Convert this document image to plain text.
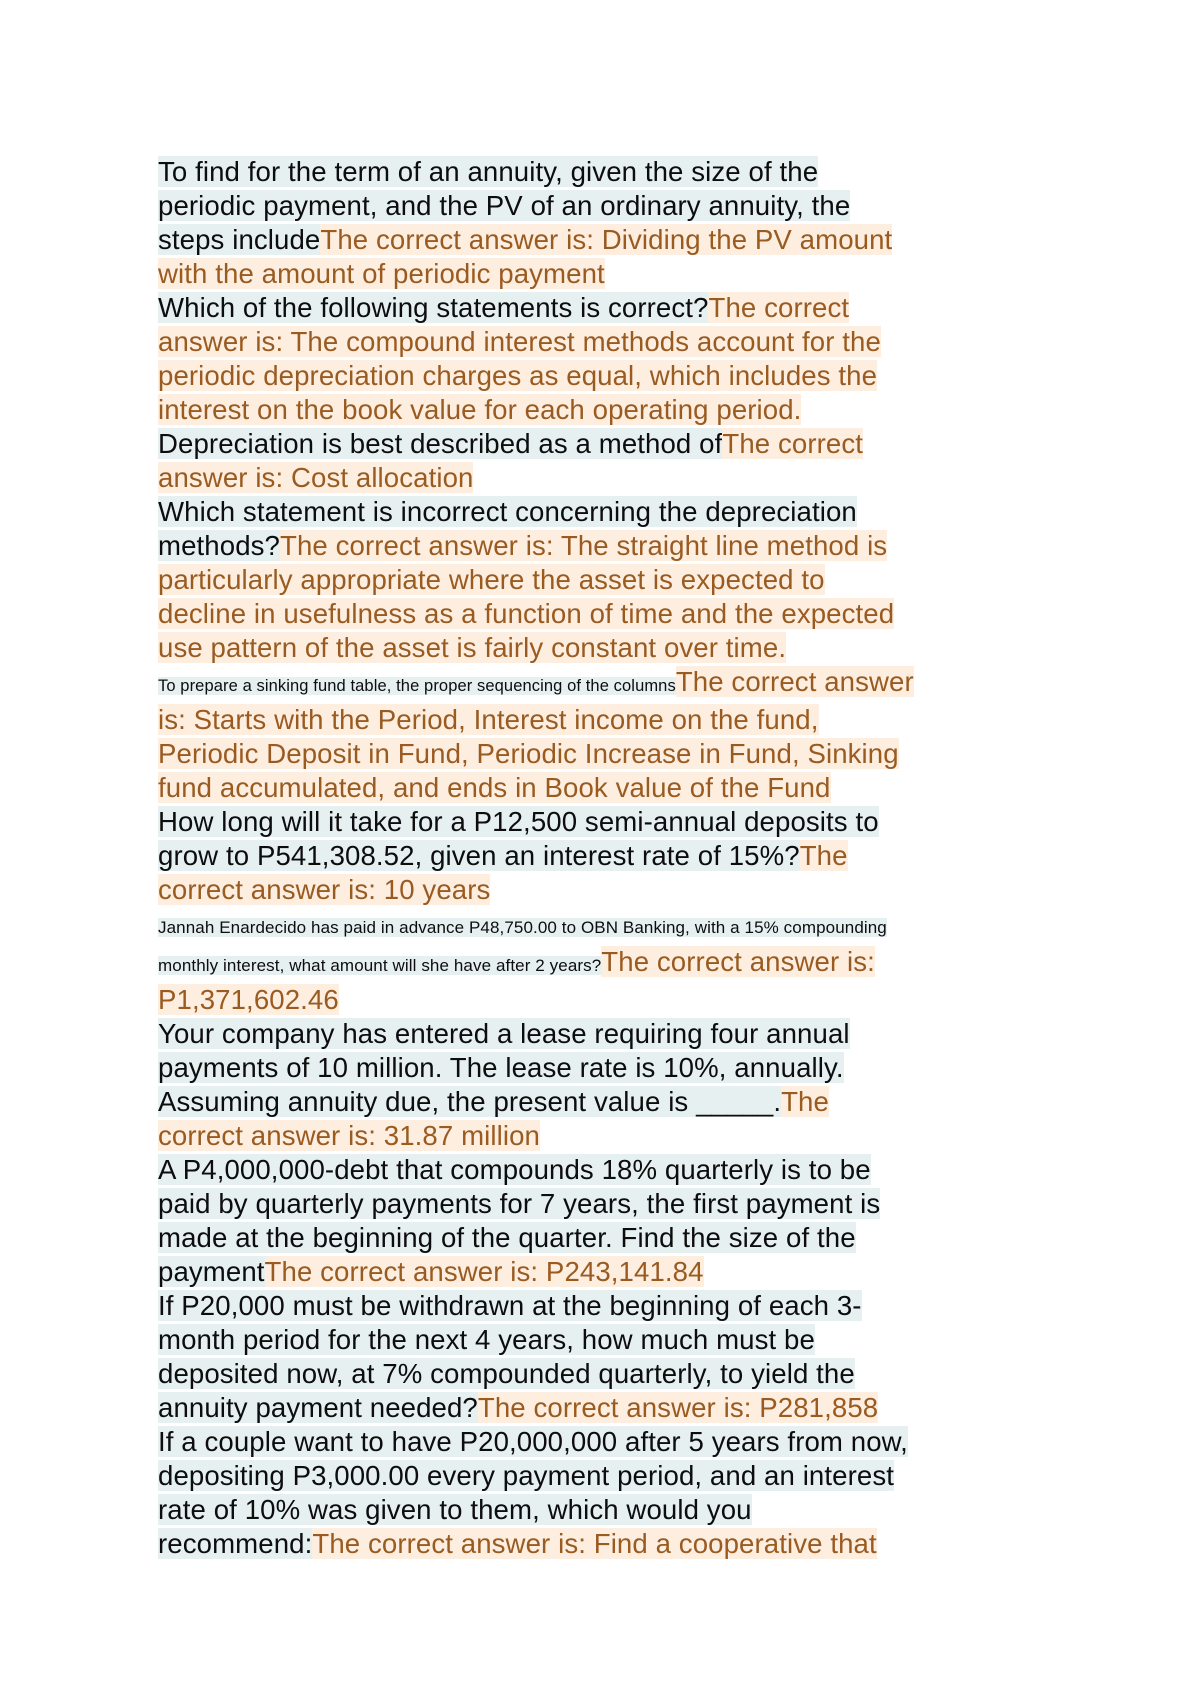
To find for the term of an annuity, given the size of the periodic payment, and the PV of an ordinary annuity, the steps includeThe correct answer is: Dividing the PV amount with the amount of periodic payment

Which of the following statements is correct?The correct answer is: The compound interest methods account for the periodic depreciation charges as equal, which includes the interest on the book value for each operating period.

Depreciation is best described as a method ofThe correct answer is: Cost allocation

Which statement is incorrect concerning the depreciation methods?The correct answer is: The straight line method is particularly appropriate where the asset is expected to decline in usefulness as a function of time and the expected use pattern of the asset is fairly constant over time.

To prepare a sinking fund table, the proper sequencing of the columnsThe correct answer is: Starts with the Period, Interest income on the fund, Periodic Deposit in Fund, Periodic Increase in Fund, Sinking fund accumulated, and ends in Book value of the Fund

How long will it take for a P12,500 semi-annual deposits to grow to P541,308.52, given an interest rate of 15%?The correct answer is: 10 years

Jannah Enardecido has paid in advance P48,750.00 to OBN Banking, with a 15% compounding monthly interest, what amount will she have after 2 years?The correct answer is: P1,371,602.46

Your company has entered a lease requiring four annual payments of 10 million. The lease rate is 10%, annually. Assuming annuity due, the present value is _____.The correct answer is: 31.87 million

A P4,000,000-debt that compounds 18% quarterly is to be paid by quarterly payments for 7 years, the first payment is made at the beginning of the quarter. Find the size of the paymentThe correct answer is: P243,141.84

If P20,000 must be withdrawn at the beginning of each 3-month period for the next 4 years, how much must be deposited now, at 7% compounded quarterly, to yield the annuity payment needed?The correct answer is: P281,858

If a couple want to have P20,000,000 after 5 years from now, depositing P3,000.00 every payment period, and an interest rate of 10% was given to them, which would you recommend:The correct answer is: Find a cooperative that
